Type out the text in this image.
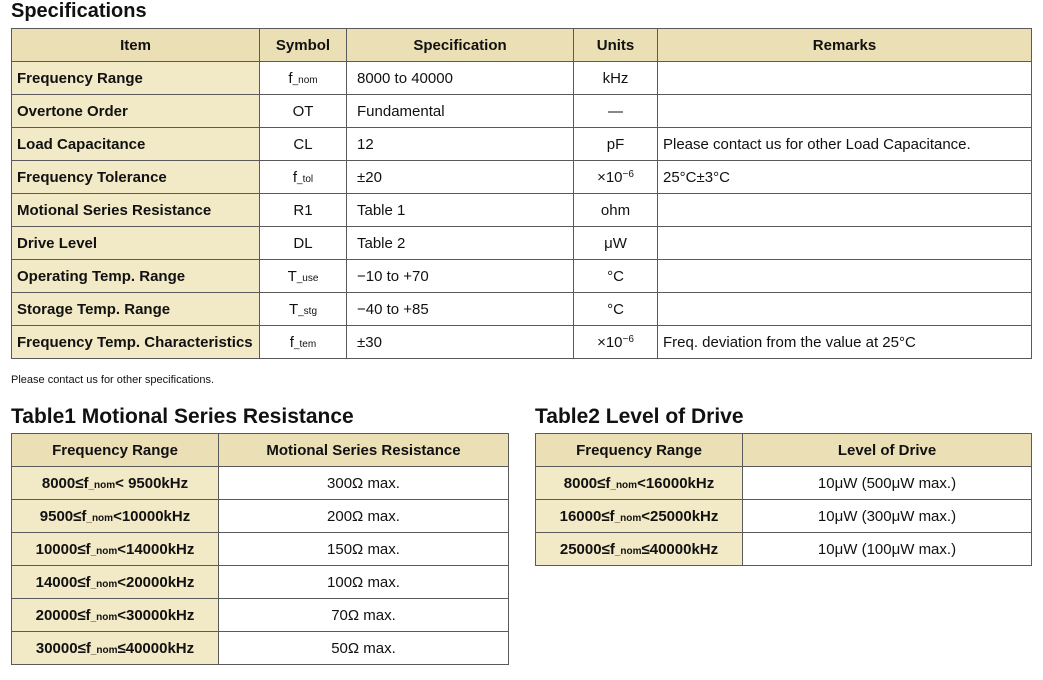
Specifications
Item	Symbol	Specification	Units	Remarks
Frequency Range	f_nom	8000 to 40000	kHz	
Overtone Order	OT	Fundamental	—	
Load Capacitance	CL	12	pF	Please contact us for other Load Capacitance.
Frequency Tolerance	f_tol	±20	$\times 10^{-6}$	25°C±3°C
Motional Series Resistance	R1	Table 1	ohm	
Drive Level	DL	Table 2	μW	
Operating Temp. Range	T_use	−10 to +70	°C	
Storage Temp. Range	T_stg	−40 to +85	°C	
Frequency Temp. Characteristics	f_tem	±30	$\times 10^{-6}$	Freq. deviation from the value at 25°C

Please contact us for other specifications.

Table1 Motional Series Resistance
Frequency Range	Motional Series Resistance
8000≤f_nom< 9500kHz	300Ω max.
9500≤f_nom<10000kHz	200Ω max.
10000≤f_nom<14000kHz	150Ω max.
14000≤f_nom<20000kHz	100Ω max.
20000≤f_nom<30000kHz	70Ω max.
30000≤f_nom≤40000kHz	50Ω max.
Table2 Level of Drive
Frequency Range	Level of Drive
8000≤f_nom<16000kHz	10μW (500μW max.)
16000≤f_nom<25000kHz	10μW (300μW max.)
25000≤f_nom≤40000kHz	10μW (100μW max.)
